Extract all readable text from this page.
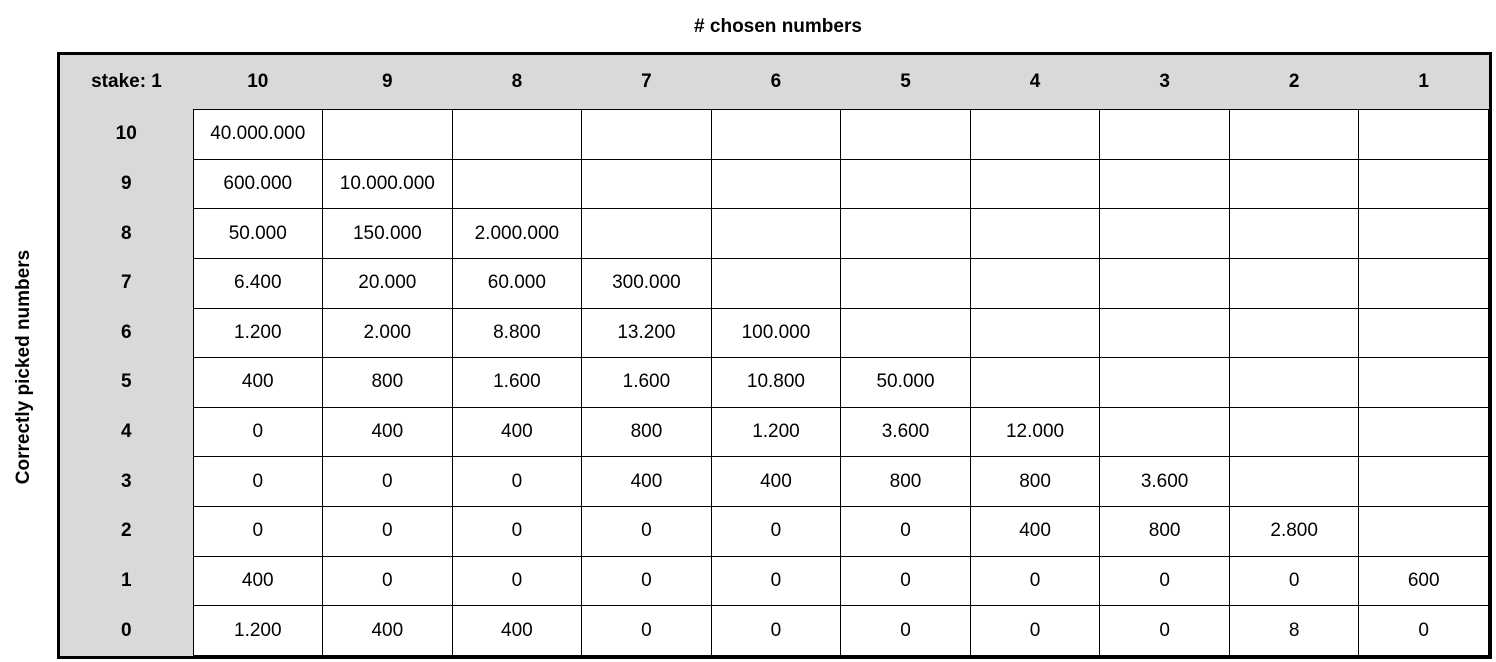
# chosen numbers
Correctly picked numbers
stake: 1	10	9	8	7	6	5	4	3	2	1
10	40.000.000									
9	600.000	10.000.000								
8	50.000	150.000	2.000.000							
7	6.400	20.000	60.000	300.000						
6	1.200	2.000	8.800	13.200	100.000					
5	400	800	1.600	1.600	10.800	50.000				
4	0	400	400	800	1.200	3.600	12.000			
3	0	0	0	400	400	800	800	3.600		
2	0	0	0	0	0	0	400	800	2.800	
1	400	0	0	0	0	0	0	0	0	600
0	1.200	400	400	0	0	0	0	0	8	0
